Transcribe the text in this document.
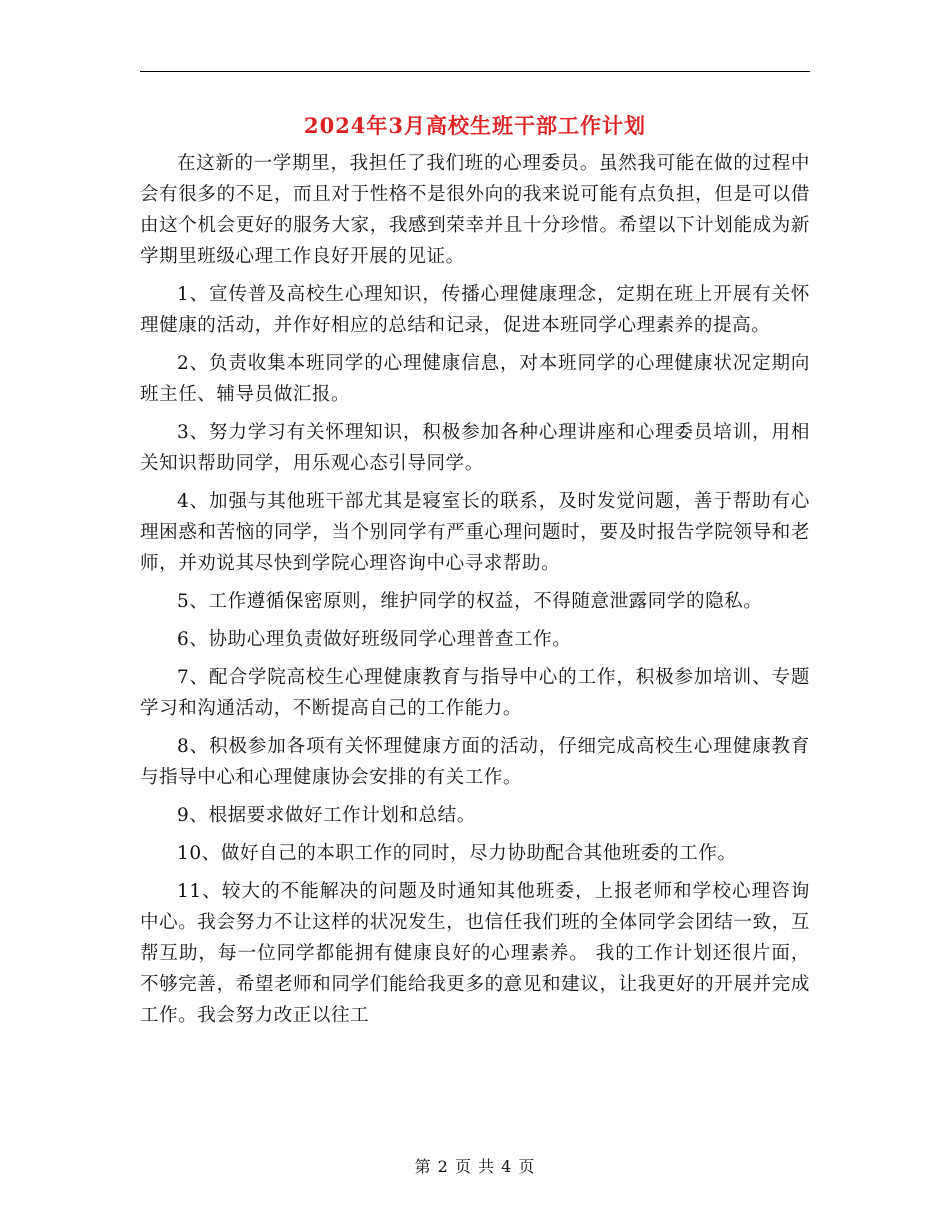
2024年3月高校生班干部工作计划

在这新的一学期里，我担任了我们班的心理委员。虽然我可能在做的过程中会有很多的不足，而且对于性格不是很外向的我来说可能有点负担，但是可以借由这个机会更好的服务大家，我感到荣幸并且十分珍惜。希望以下计划能成为新学期里班级心理工作良好开展的见证。

1、宣传普及高校生心理知识，传播心理健康理念，定期在班上开展有关怀理健康的活动，并作好相应的总结和记录，促进本班同学心理素养的提高。

2、负责收集本班同学的心理健康信息，对本班同学的心理健康状况定期向班主任、辅导员做汇报。

3、努力学习有关怀理知识，积极参加各种心理讲座和心理委员培训，用相关知识帮助同学，用乐观心态引导同学。

4、加强与其他班干部尤其是寝室长的联系，及时发觉问题，善于帮助有心理困惑和苦恼的同学，当个别同学有严重心理问题时，要及时报告学院领导和老师，并劝说其尽快到学院心理咨询中心寻求帮助。

5、工作遵循保密原则，维护同学的权益，不得随意泄露同学的隐私。

6、协助心理负责做好班级同学心理普查工作。

7、配合学院高校生心理健康教育与指导中心的工作，积极参加培训、专题学习和沟通活动，不断提高自己的工作能力。

8、积极参加各项有关怀理健康方面的活动，仔细完成高校生心理健康教育与指导中心和心理健康协会安排的有关工作。

9、根据要求做好工作计划和总结。

10、做好自己的本职工作的同时，尽力协助配合其他班委的工作。

11、较大的不能解决的问题及时通知其他班委，上报老师和学校心理咨询中心。我会努力不让这样的状况发生，也信任我们班的全体同学会团结一致，互帮互助，每一位同学都能拥有健康良好的心理素养。 我的工作计划还很片面，不够完善，希望老师和同学们能给我更多的意见和建议，让我更好的开展并完成工作。我会努力改正以往工

第 2 页 共 4 页
